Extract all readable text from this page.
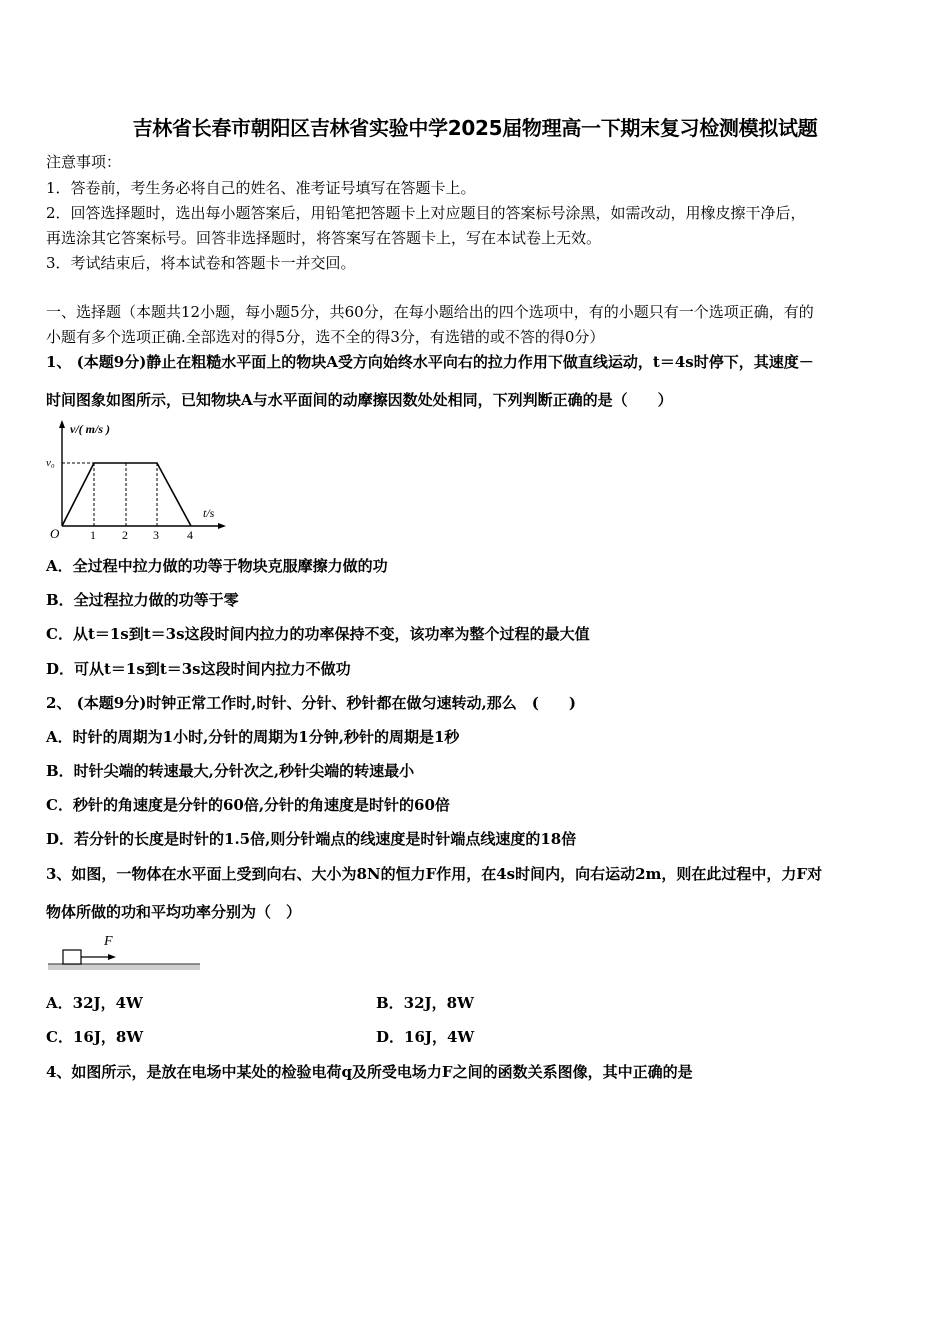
吉林省长春市朝阳区吉林省实验中学2025届物理高一下期末复习检测模拟试题
注意事项：
1．答卷前，考生务必将自己的姓名、准考证号填写在答题卡上。
2．回答选择题时，选出每小题答案后，用铅笔把答题卡上对应题目的答案标号涂黑，如需改动，用橡皮擦干净后，
再选涂其它答案标号。回答非选择题时，将答案写在答题卡上，写在本试卷上无效。
3．考试结束后，将本试卷和答题卡一并交回。
一、选择题（本题共12小题，每小题5分，共60分，在每小题给出的四个选项中，有的小题只有一个选项正确，有的
小题有多个选项正确.全部选对的得5分，选不全的得3分，有选错的或不答的得0分）
1、 (本题9分)静止在粗糙水平面上的物块A受方向始终水平向右的拉力作用下做直线运动，t＝4s时停下，其速度－
时间图象如图所示，已知物块A与水平面间的动摩擦因数处处相同，下列判断正确的是（　　）
v/( m/s )
v₀
t/s
O	1 2 3 4
A．全过程中拉力做的功等于物块克服摩擦力做的功
B．全过程拉力做的功等于零
C．从t＝1s到t＝3s这段时间内拉力的功率保持不变，该功率为整个过程的最大值
D．可从t＝1s到t＝3s这段时间内拉力不做功
2、 (本题9分)时钟正常工作时,时针、分针、秒针都在做匀速转动,那么　(　　)
A．时针的周期为1小时,分针的周期为1分钟,秒针的周期是1秒
B．时针尖端的转速最大,分针次之,秒针尖端的转速最小
C．秒针的角速度是分针的60倍,分针的角速度是时针的60倍
D．若分针的长度是时针的1.5倍,则分针端点的线速度是时针端点线速度的18倍
3、如图，一物体在水平面上受到向右、大小为8N的恒力F作用，在4s时间内，向右运动2m，则在此过程中，力F对
物体所做的功和平均功率分别为（　）
F
A．32J，4W	B．32J，8W
C．16J，8W	D．16J，4W
4、如图所示，是放在电场中某处的检验电荷q及所受电场力F之间的函数关系图像，其中正确的是
